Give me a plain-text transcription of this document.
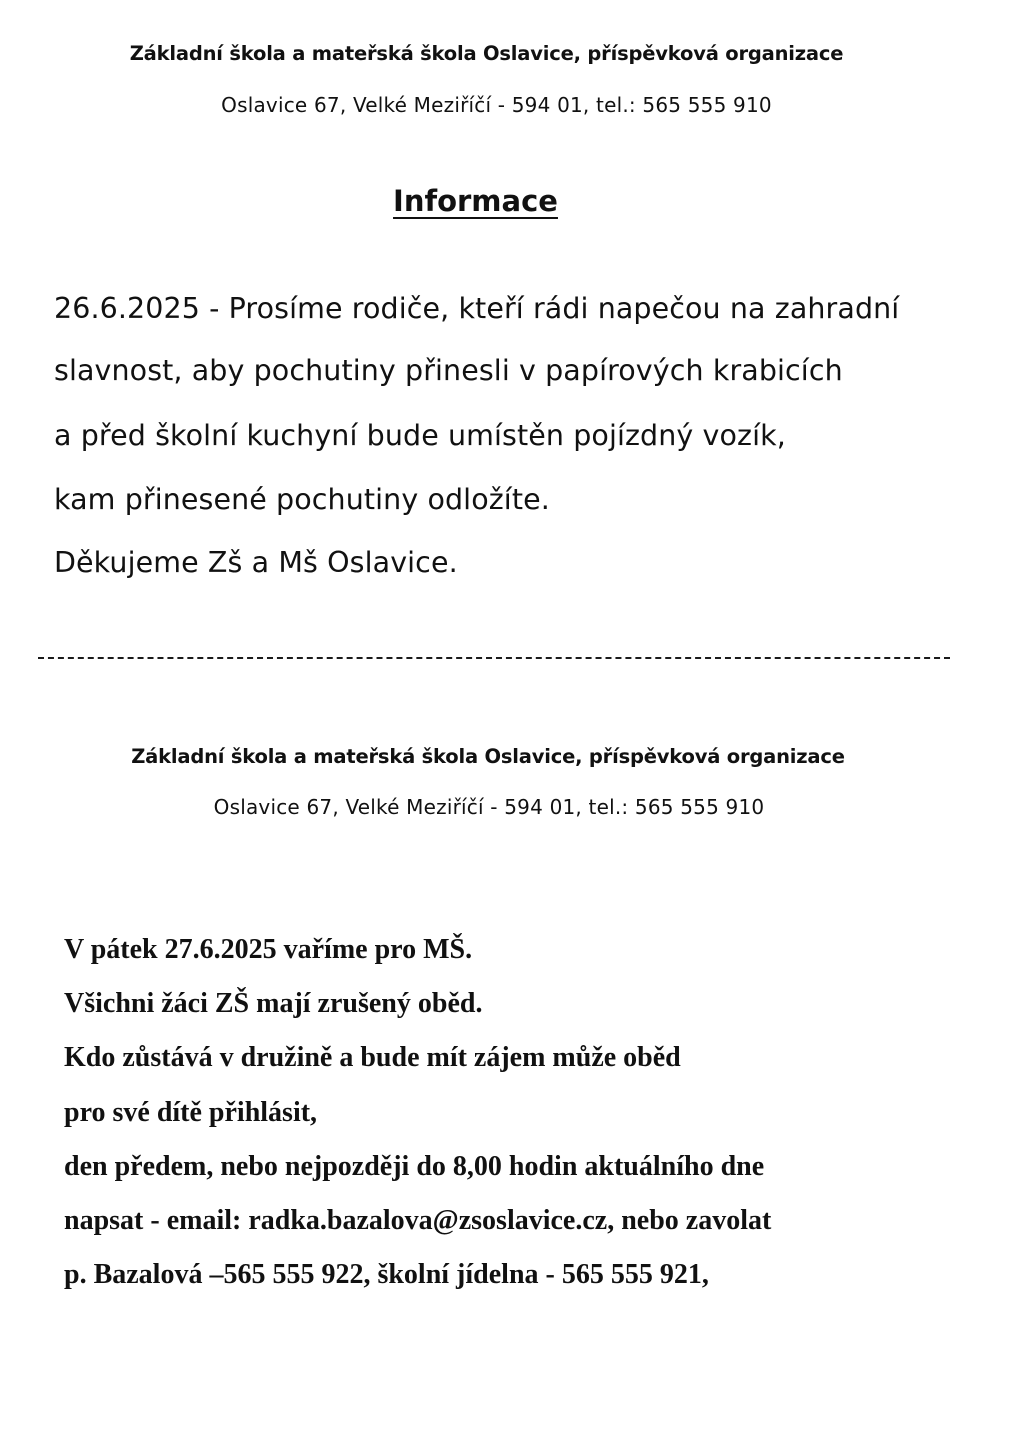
Základní škola a mateřská škola Oslavice, příspěvková organizace
Oslavice 67, Velké Meziříčí - 594 01, tel.: 565 555 910
Informace
26.6.2025 - Prosíme rodiče, kteří rádi napečou na zahradní
slavnost, aby pochutiny přinesli v papírových krabicích
a před školní kuchyní bude umístěn pojízdný vozík,
kam přinesené pochutiny odložíte.
Děkujeme Zš a Mš Oslavice.
Základní škola a mateřská škola Oslavice, příspěvková organizace
Oslavice 67, Velké Meziříčí - 594 01, tel.: 565 555 910
V pátek 27.6.2025 vaříme pro MŠ.
Všichni žáci ZŠ mají zrušený oběd.
Kdo zůstává v družině a bude mít zájem může oběd
pro své dítě přihlásit,
den předem, nebo nejpozději do 8,00 hodin aktuálního dne
napsat - email: radka.bazalova@zsoslavice.cz, nebo zavolat
p. Bazalová –565 555 922, školní jídelna - 565 555 921,
